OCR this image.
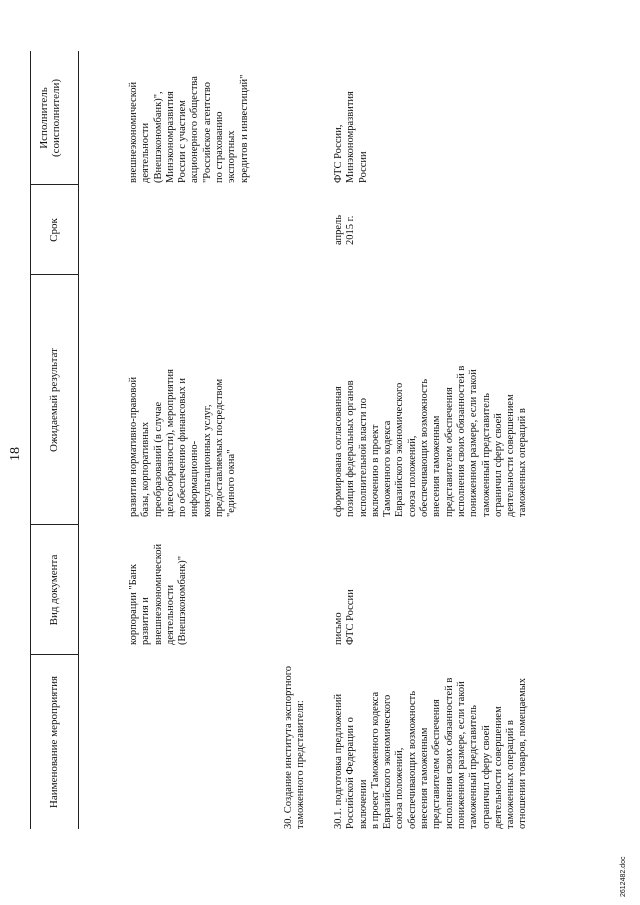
18
Наименование мероприятия
Вид документа
Ожидаемый результат
Срок
Исполнитель (соисполнители)
корпорации "Банк развития и внешнеэкономической деятельности (Внешэкономбанк)"
развития нормативно-правовой базы, корпоративных преобразований (в случае целесообразности), мероприятия по обеспечению финансовых и информационно- консультационных услуг, предоставляемых посредством "единого окна"
внешнеэкономической деятельности (Внешэкономбанк)", Минэкономразвития России с участием акционерного общества "Российское агентство по страхованию экспортных кредитов и инвестиций"
30. Создание института экспортного таможенного представителя:	30.1. подготовка предложений Российской Федерации о включении в проект Таможенного кодекса Евразийского экономического союза положений, обеспечивающих возможность внесения таможенным представителем обеспечения исполнения своих обязанностей в пониженном размере, если такой таможенный представитель ограничил сферу своей деятельности совершением таможенных операций в отношении товаров, помещаемых
письмо ФТС России
сформирована согласованная позиция федеральных органов исполнительной власти по включению в проект Таможенного кодекса Евразийского экономического союза положений, обеспечивающих возможность внесения таможенным представителем обеспечения исполнения своих обязанностей в пониженном размере, если такой таможенный представитель ограничил сферу своей деятельности совершением таможенных операций в
апрель 2015 г.
ФТС России, Минэкономразвития России
2612482.doc
